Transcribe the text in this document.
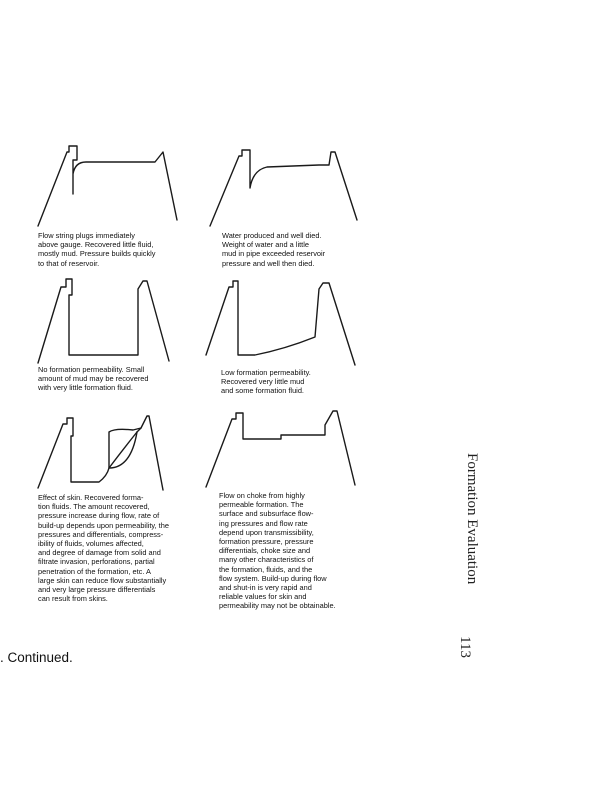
Flow string plugs immediately
above gauge. Recovered little fluid,
mostly mud. Pressure builds quickly
to that of reservoir.
Water produced and well died.
Weight of water and a little
mud in pipe exceeded reservoir
pressure and well then died.
No formation permeability. Small
amount of mud may be recovered
with very little formation fluid.
Low formation permeability.
Recovered very little mud
and some formation fluid.
Effect of skin. Recovered forma-
tion fluids. The amount recovered,
pressure increase during flow, rate of
build-up depends upon permeability, the
pressures and differentials, compress-
ibility of fluids, volumes affected,
and degree of damage from solid and
filtrate invasion, perforations, partial
penetration of the formation, etc. A
large skin can reduce flow substantially
and very large pressure differentials
can result from skins.
Flow on choke from highly
permeable formation. The
surface and subsurface flow-
ing pressures and flow rate
depend upon transmissibility,
formation pressure, pressure
differentials, choke size and
many other characteristics of
the formation, fluids, and the
flow system. Build-up during flow
and shut-in is very rapid and
reliable values for skin and
permeability may not be obtainable.
. Continued.
Formation Evaluation
113
